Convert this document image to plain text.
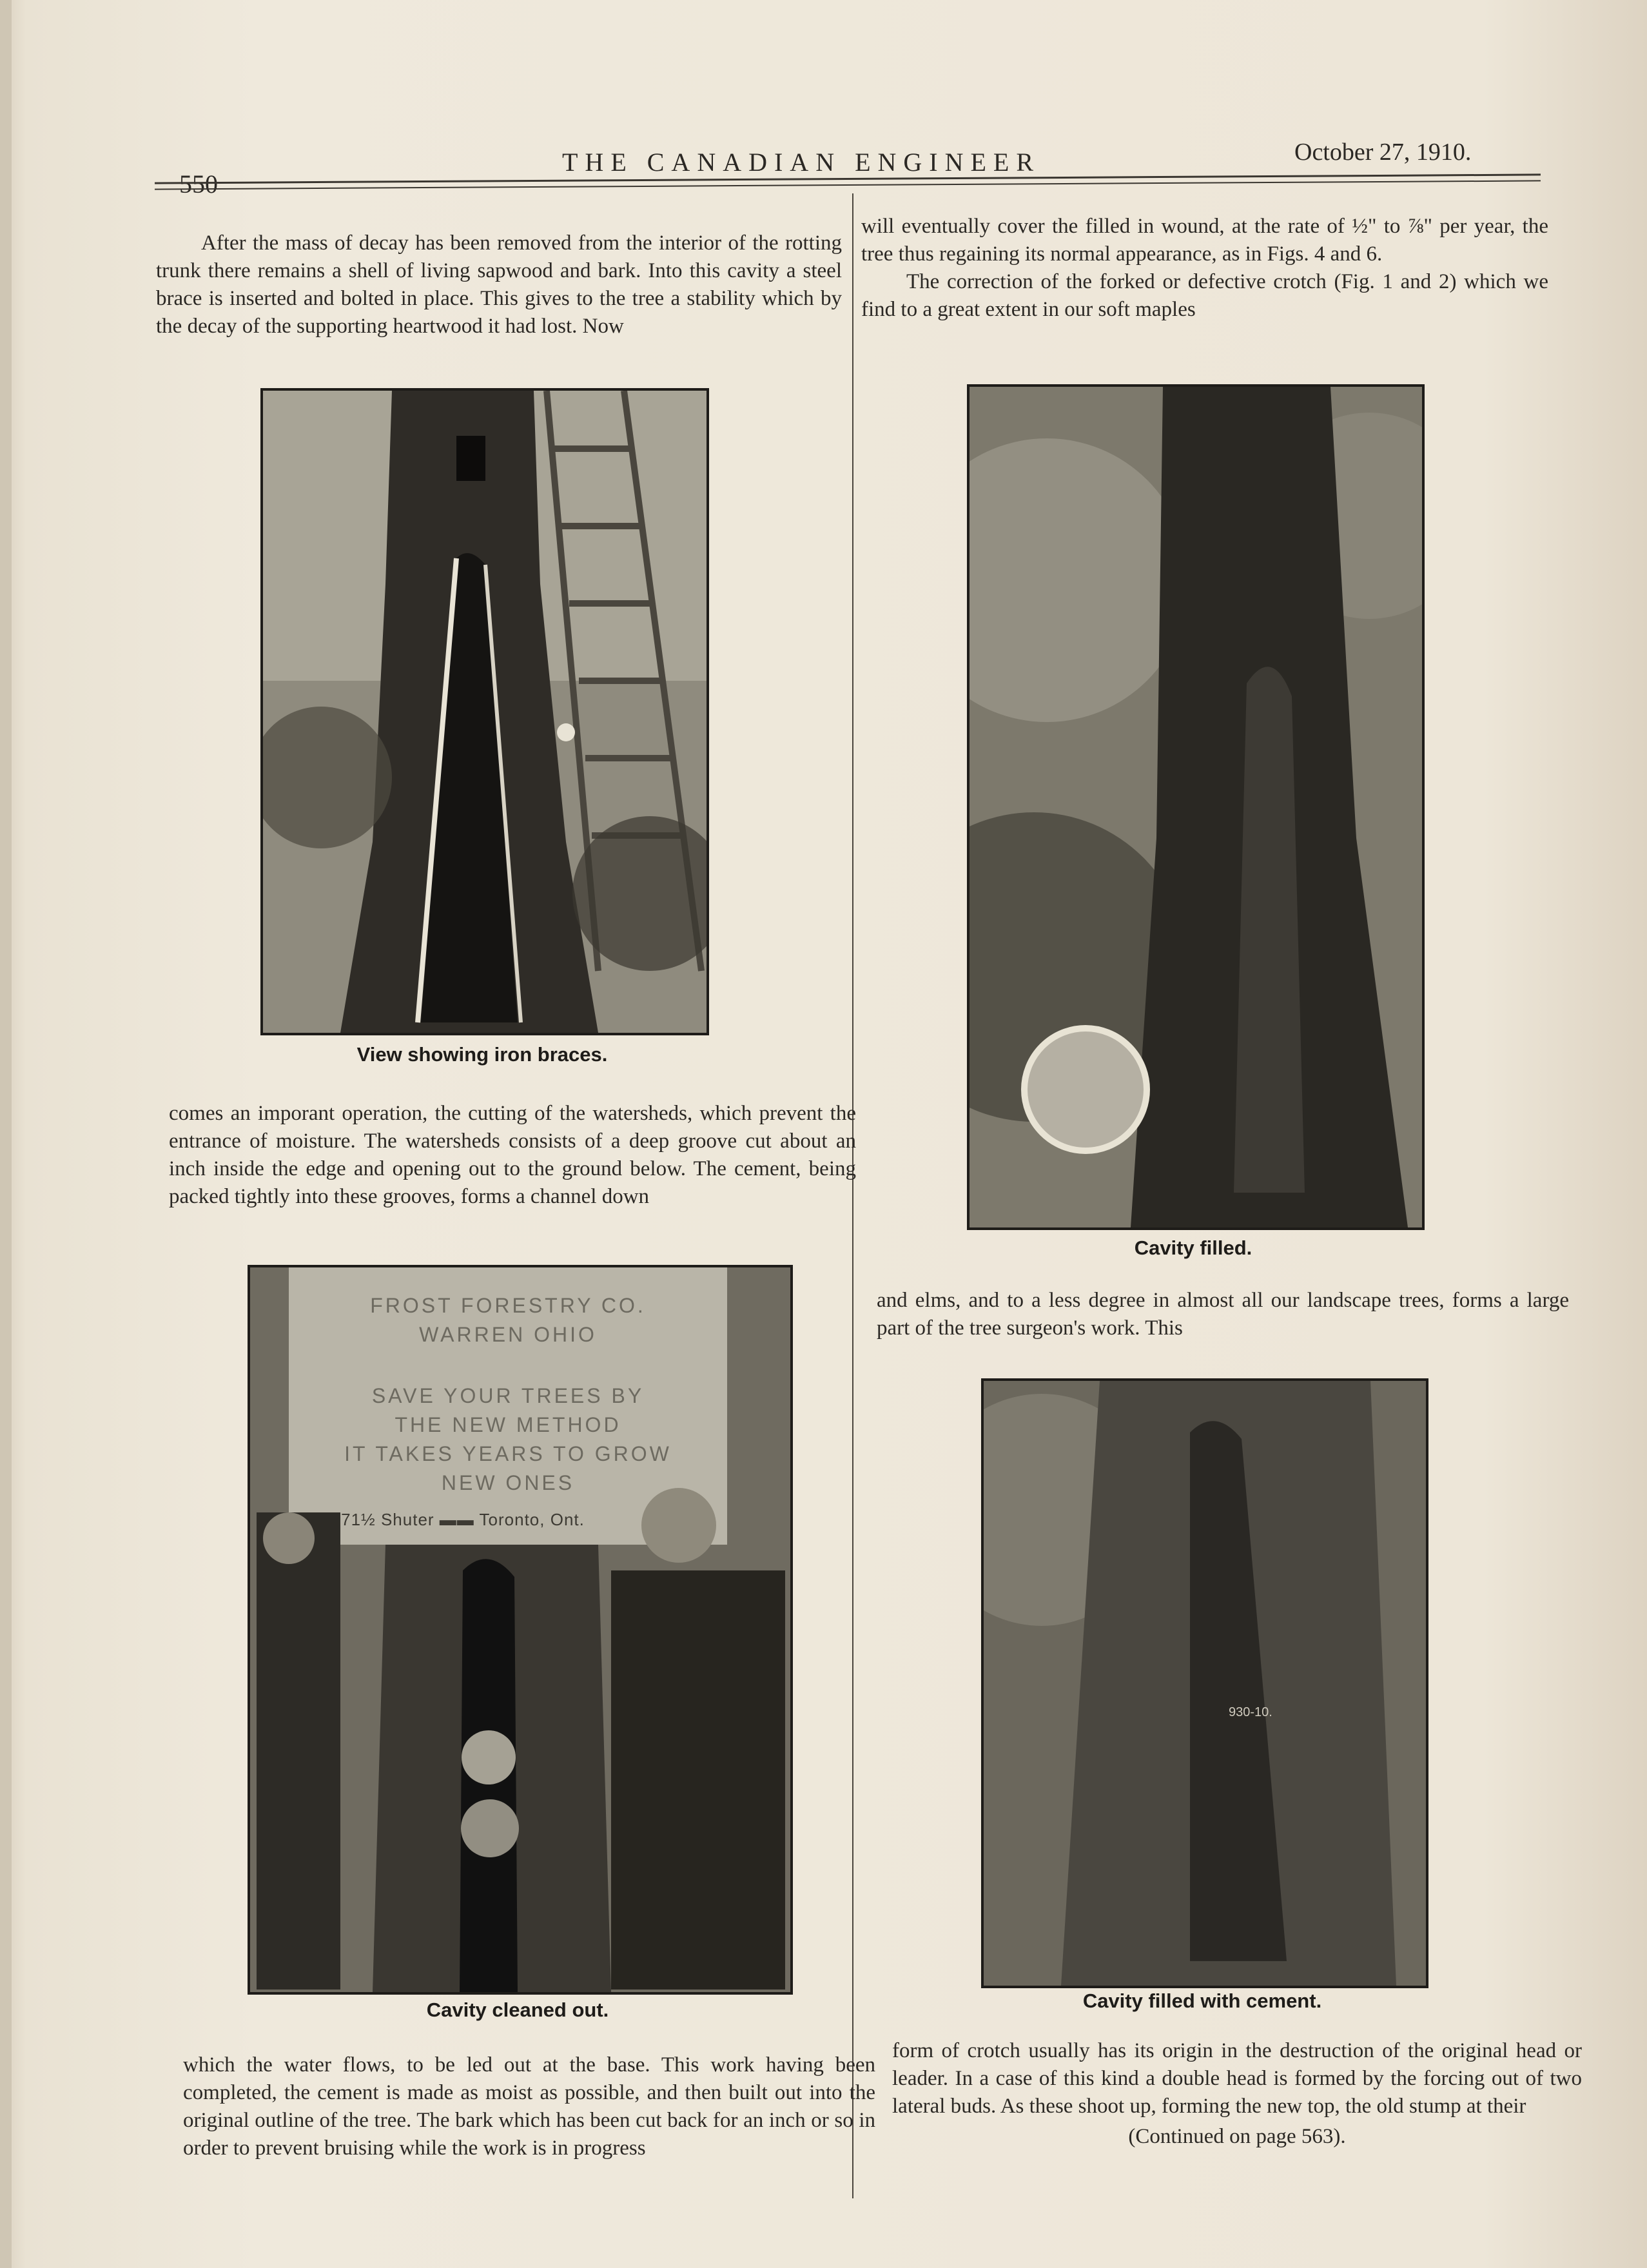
550
THE CANADIAN ENGINEER	October 27, 1910.

After the mass of decay has been removed from the interior of the rotting trunk there remains a shell of living sapwood and bark. Into this cavity a steel brace is inserted and bolted in place. This gives to the tree a stability which by the decay of the supporting heartwood it had lost. Now

View showing iron braces.

comes an imporant operation, the cutting of the watersheds, which prevent the entrance of moisture. The watersheds consists of a deep groove cut about an inch inside the edge and opening out to the ground below. The cement, being packed tightly into these grooves, forms a channel down

FROST FORESTRY CO.
WARREN OHIO
SAVE YOUR TREES BY
THE NEW METHOD
IT TAKES YEARS TO GROW
NEW ONES
71½ Shuter ▬▬ Toronto, Ont.
Cavity cleaned out.

which the water flows, to be led out at the base. This work having been completed, the cement is made as moist as possible, and then built out into the original outline of the tree. The bark which has been cut back for an inch or so in order to prevent bruising while the work is in progress

will eventually cover the filled in wound, at the rate of ½" to ⅞" per year, the tree thus regaining its normal appearance, as in Figs. 4 and 6.

The correction of the forked or defective crotch (Fig. 1 and 2) which we find to a great extent in our soft maples

Cavity filled.

and elms, and to a less degree in almost all our landscape trees, forms a large part of the tree surgeon's work. This

930-10.
Cavity filled with cement.

form of crotch usually has its origin in the destruction of the original head or leader. In a case of this kind a double head is formed by the forcing out of two lateral buds. As these shoot up, forming the new top, the old stump at their

(Continued on page 563).
